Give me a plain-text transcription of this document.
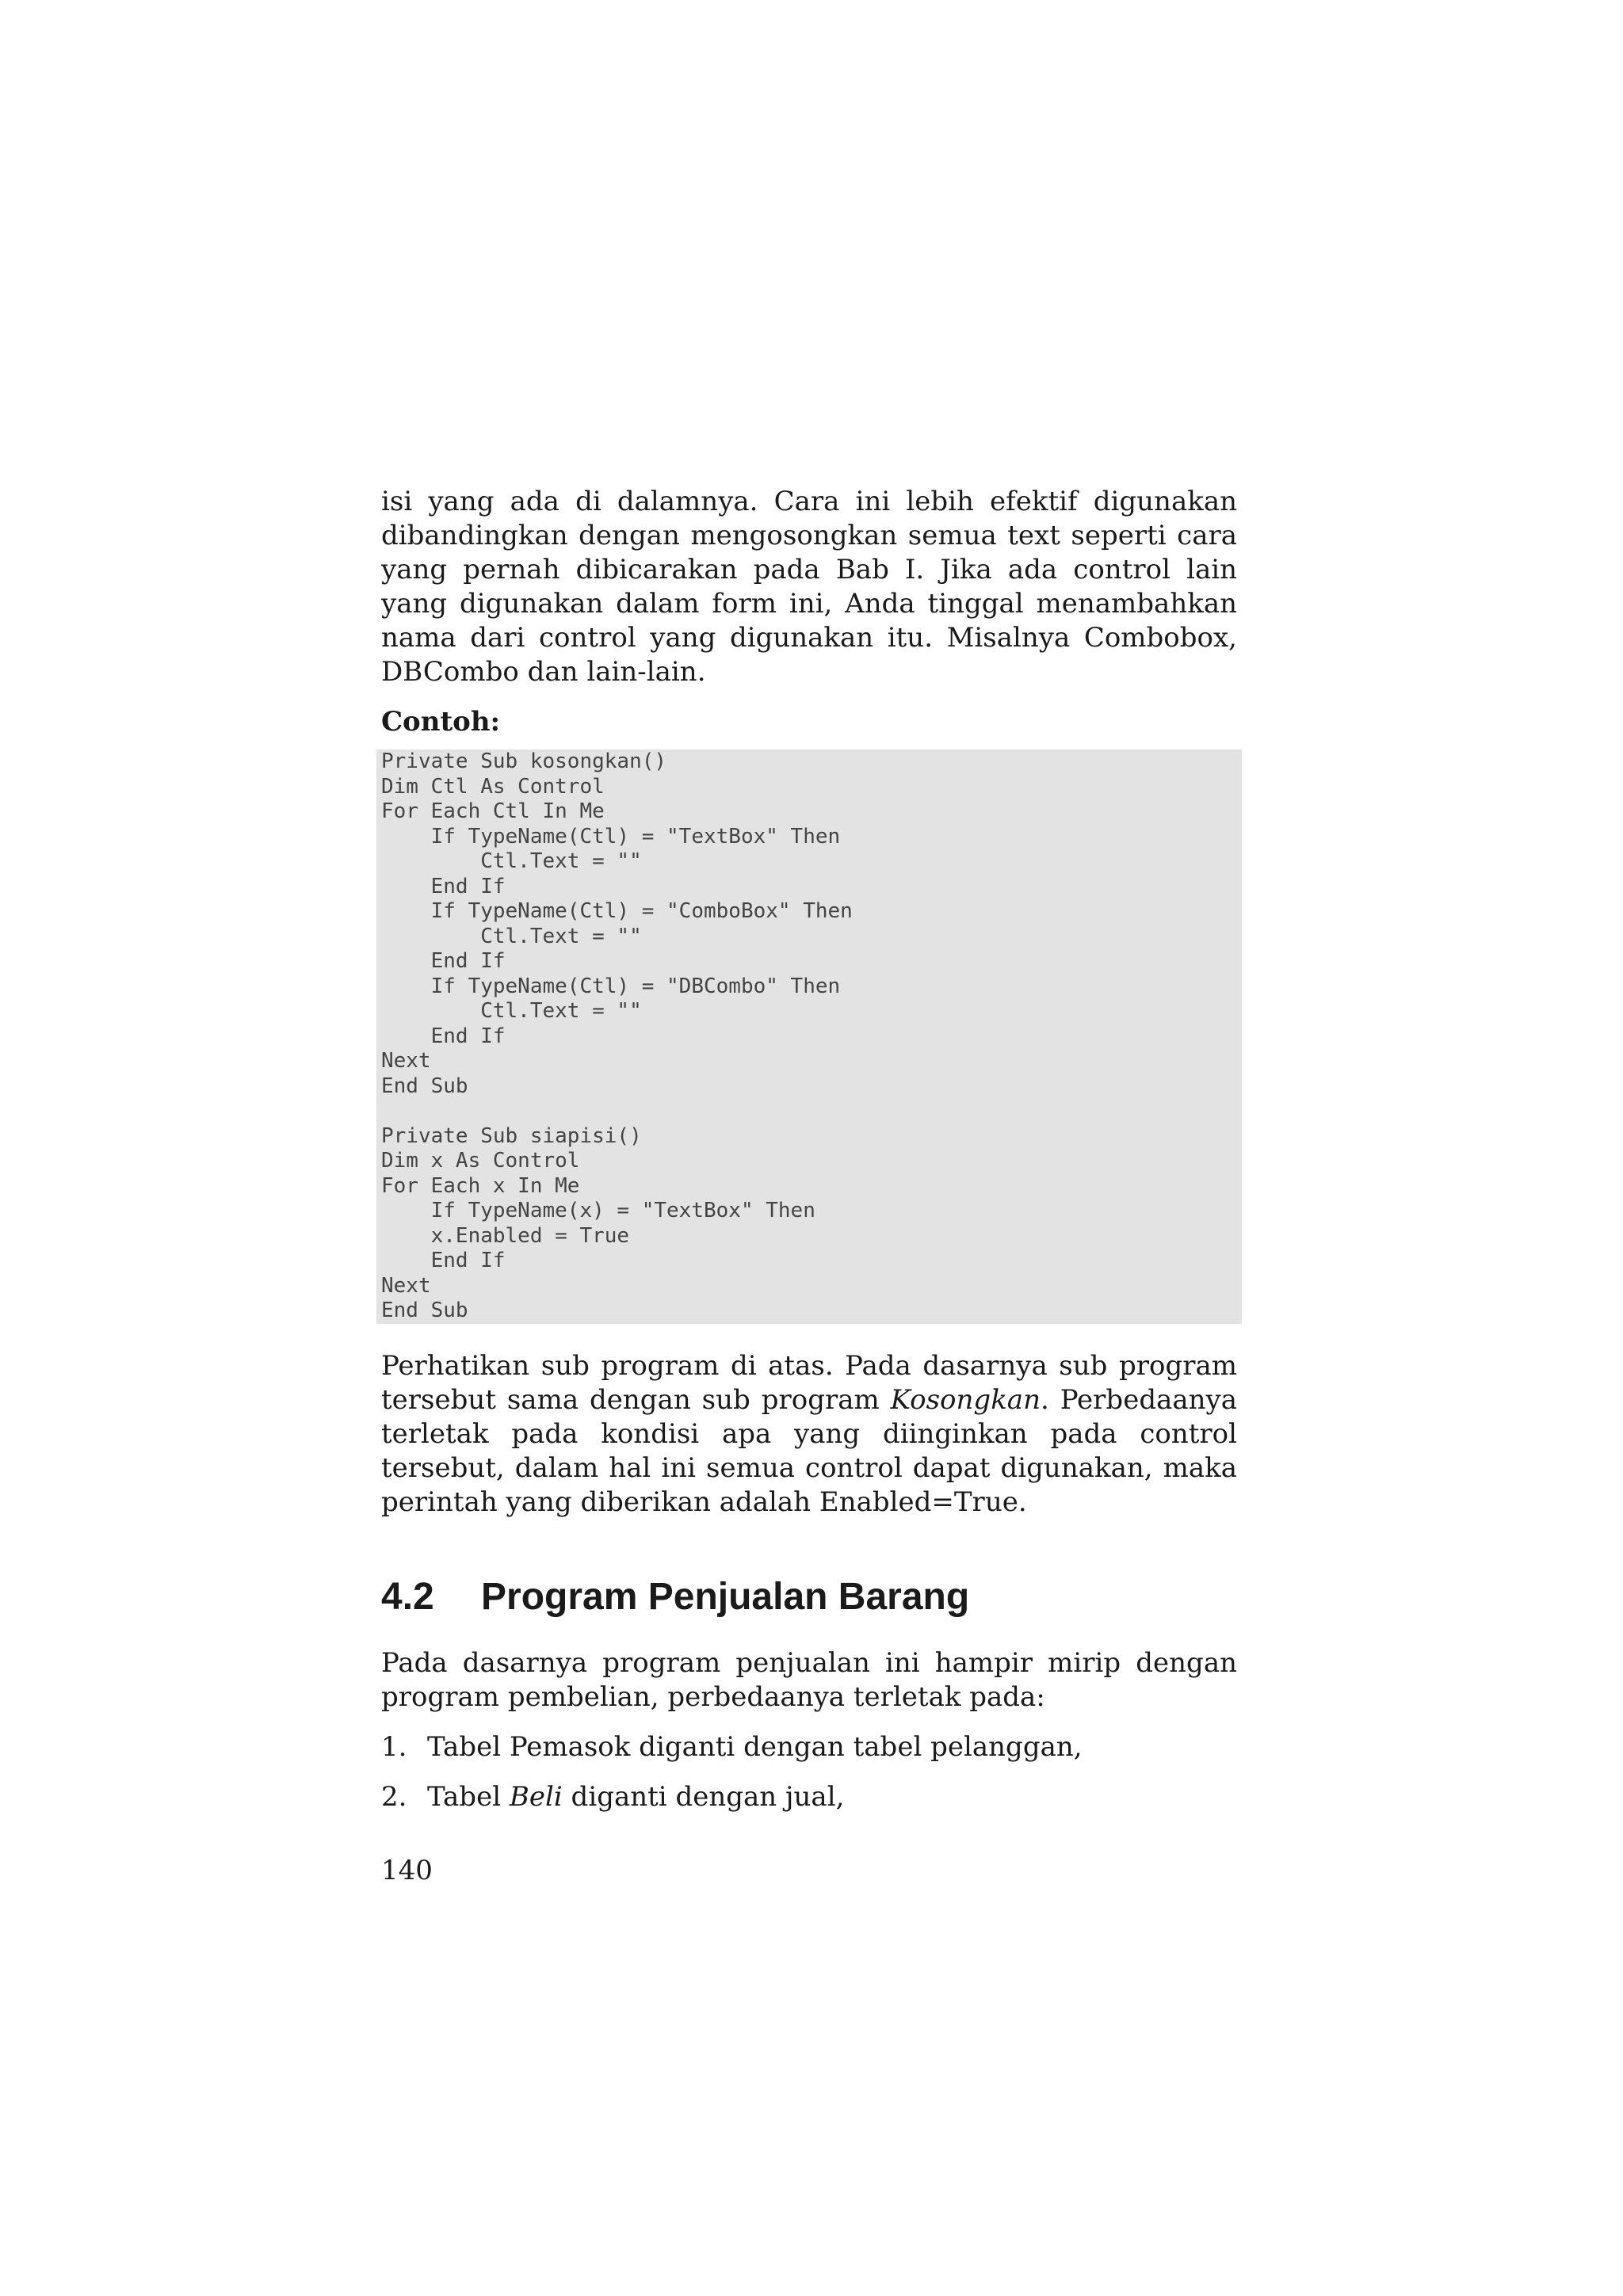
isi yang ada di dalamnya. Cara ini lebih efektif digunakan dibandingkan dengan mengosongkan semua text seperti cara yang pernah dibicarakan pada Bab I. Jika ada control lain yang digunakan dalam form ini, Anda tinggal menambahkan nama dari control yang digunakan itu. Misalnya Combobox, DBCombo dan lain-lain.

Contoh:

Private Sub kosongkan()
Dim Ctl As Control
For Each Ctl In Me
If TypeName(Ctl) = "TextBox" Then
Ctl.Text = ""
End If
If TypeName(Ctl) = "ComboBox" Then
Ctl.Text = ""
End If
If TypeName(Ctl) = "DBCombo" Then
Ctl.Text = ""
End If
Next
End Sub
Private Sub siapisi()
Dim x As Control
For Each x In Me
If TypeName(x) = "TextBox" Then
x.Enabled = True
End If
Next
End Sub

Perhatikan sub program di atas. Pada dasarnya sub program tersebut sama dengan sub program Kosongkan. Perbedaanya terletak pada kondisi apa yang diinginkan pada control tersebut, dalam hal ini semua control dapat digunakan, maka perintah yang diberikan adalah Enabled=True.

4.2	Program Penjualan Barang

Pada dasarnya program penjualan ini hampir mirip dengan program pembelian, perbedaanya terletak pada:

1. Tabel Pemasok diganti dengan tabel pelanggan,
2. Tabel Beli diganti dengan jual,
140
